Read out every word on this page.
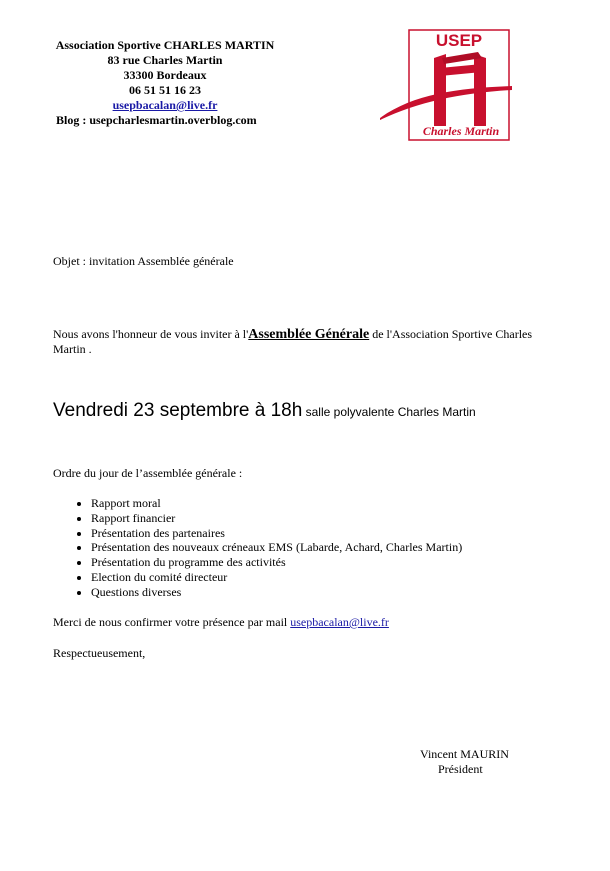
Association Sportive CHARLES MARTIN
83 rue Charles Martin
33300 Bordeaux
06 51 51 16 23
usepbacalan@live.fr
Blog : usepcharlesmartin.overblog.com
USEP
Charles Martin
Objet : invitation Assemblée générale
Nous avons l'honneur de vous inviter à l'Assemblée Générale de l'Association Sportive Charles Martin .
Vendredi 23 septembre à 18h salle polyvalente Charles Martin
Ordre du jour de l’assemblée générale :
• Rapport moral
• Rapport financier
• Présentation des partenaires
• Présentation des nouveaux créneaux EMS (Labarde, Achard, Charles Martin)
• Présentation du programme des activités
• Election du comité directeur
• Questions diverses
Merci de nous confirmer votre présence par mail usepbacalan@live.fr
Respectueusement,
Vincent MAURIN
Président
